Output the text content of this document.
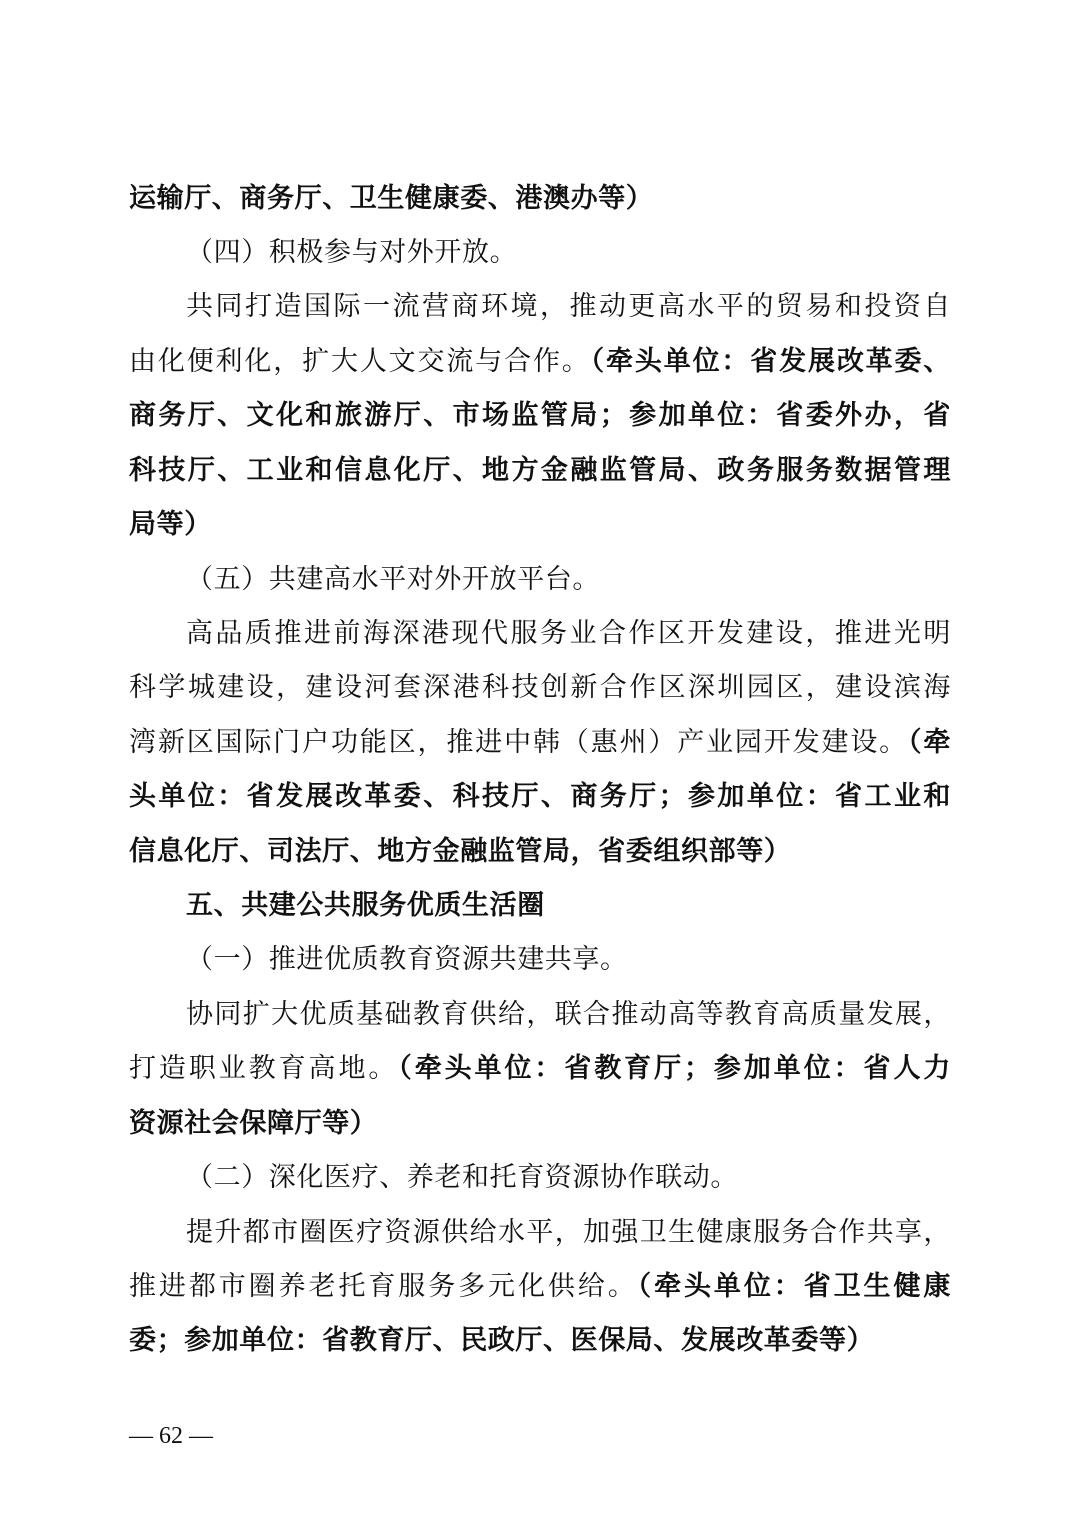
运输厅、商务厅、卫生健康委、港澳办等）
（四）积极参与对外开放。
共同打造国际一流营商环境，推动更高水平的贸易和投资自
由化便利化，扩大人文交流与合作。（牵头单位：省发展改革委、
商务厅、文化和旅游厅、市场监管局；参加单位：省委外办，省
科技厅、工业和信息化厅、地方金融监管局、政务服务数据管理
局等）
（五）共建高水平对外开放平台。
高品质推进前海深港现代服务业合作区开发建设，推进光明
科学城建设，建设河套深港科技创新合作区深圳园区，建设滨海
湾新区国际门户功能区，推进中韩（惠州）产业园开发建设。（牵
头单位：省发展改革委、科技厅、商务厅；参加单位：省工业和
信息化厅、司法厅、地方金融监管局，省委组织部等）
五、共建公共服务优质生活圈
（一）推进优质教育资源共建共享。
协同扩大优质基础教育供给，联合推动高等教育高质量发展，
打造职业教育高地。（牵头单位：省教育厅；参加单位：省人力
资源社会保障厅等）
（二）深化医疗、养老和托育资源协作联动。
提升都市圈医疗资源供给水平，加强卫生健康服务合作共享，
推进都市圈养老托育服务多元化供给。（牵头单位：省卫生健康
委；参加单位：省教育厅、民政厅、医保局、发展改革委等）
— 62 —
